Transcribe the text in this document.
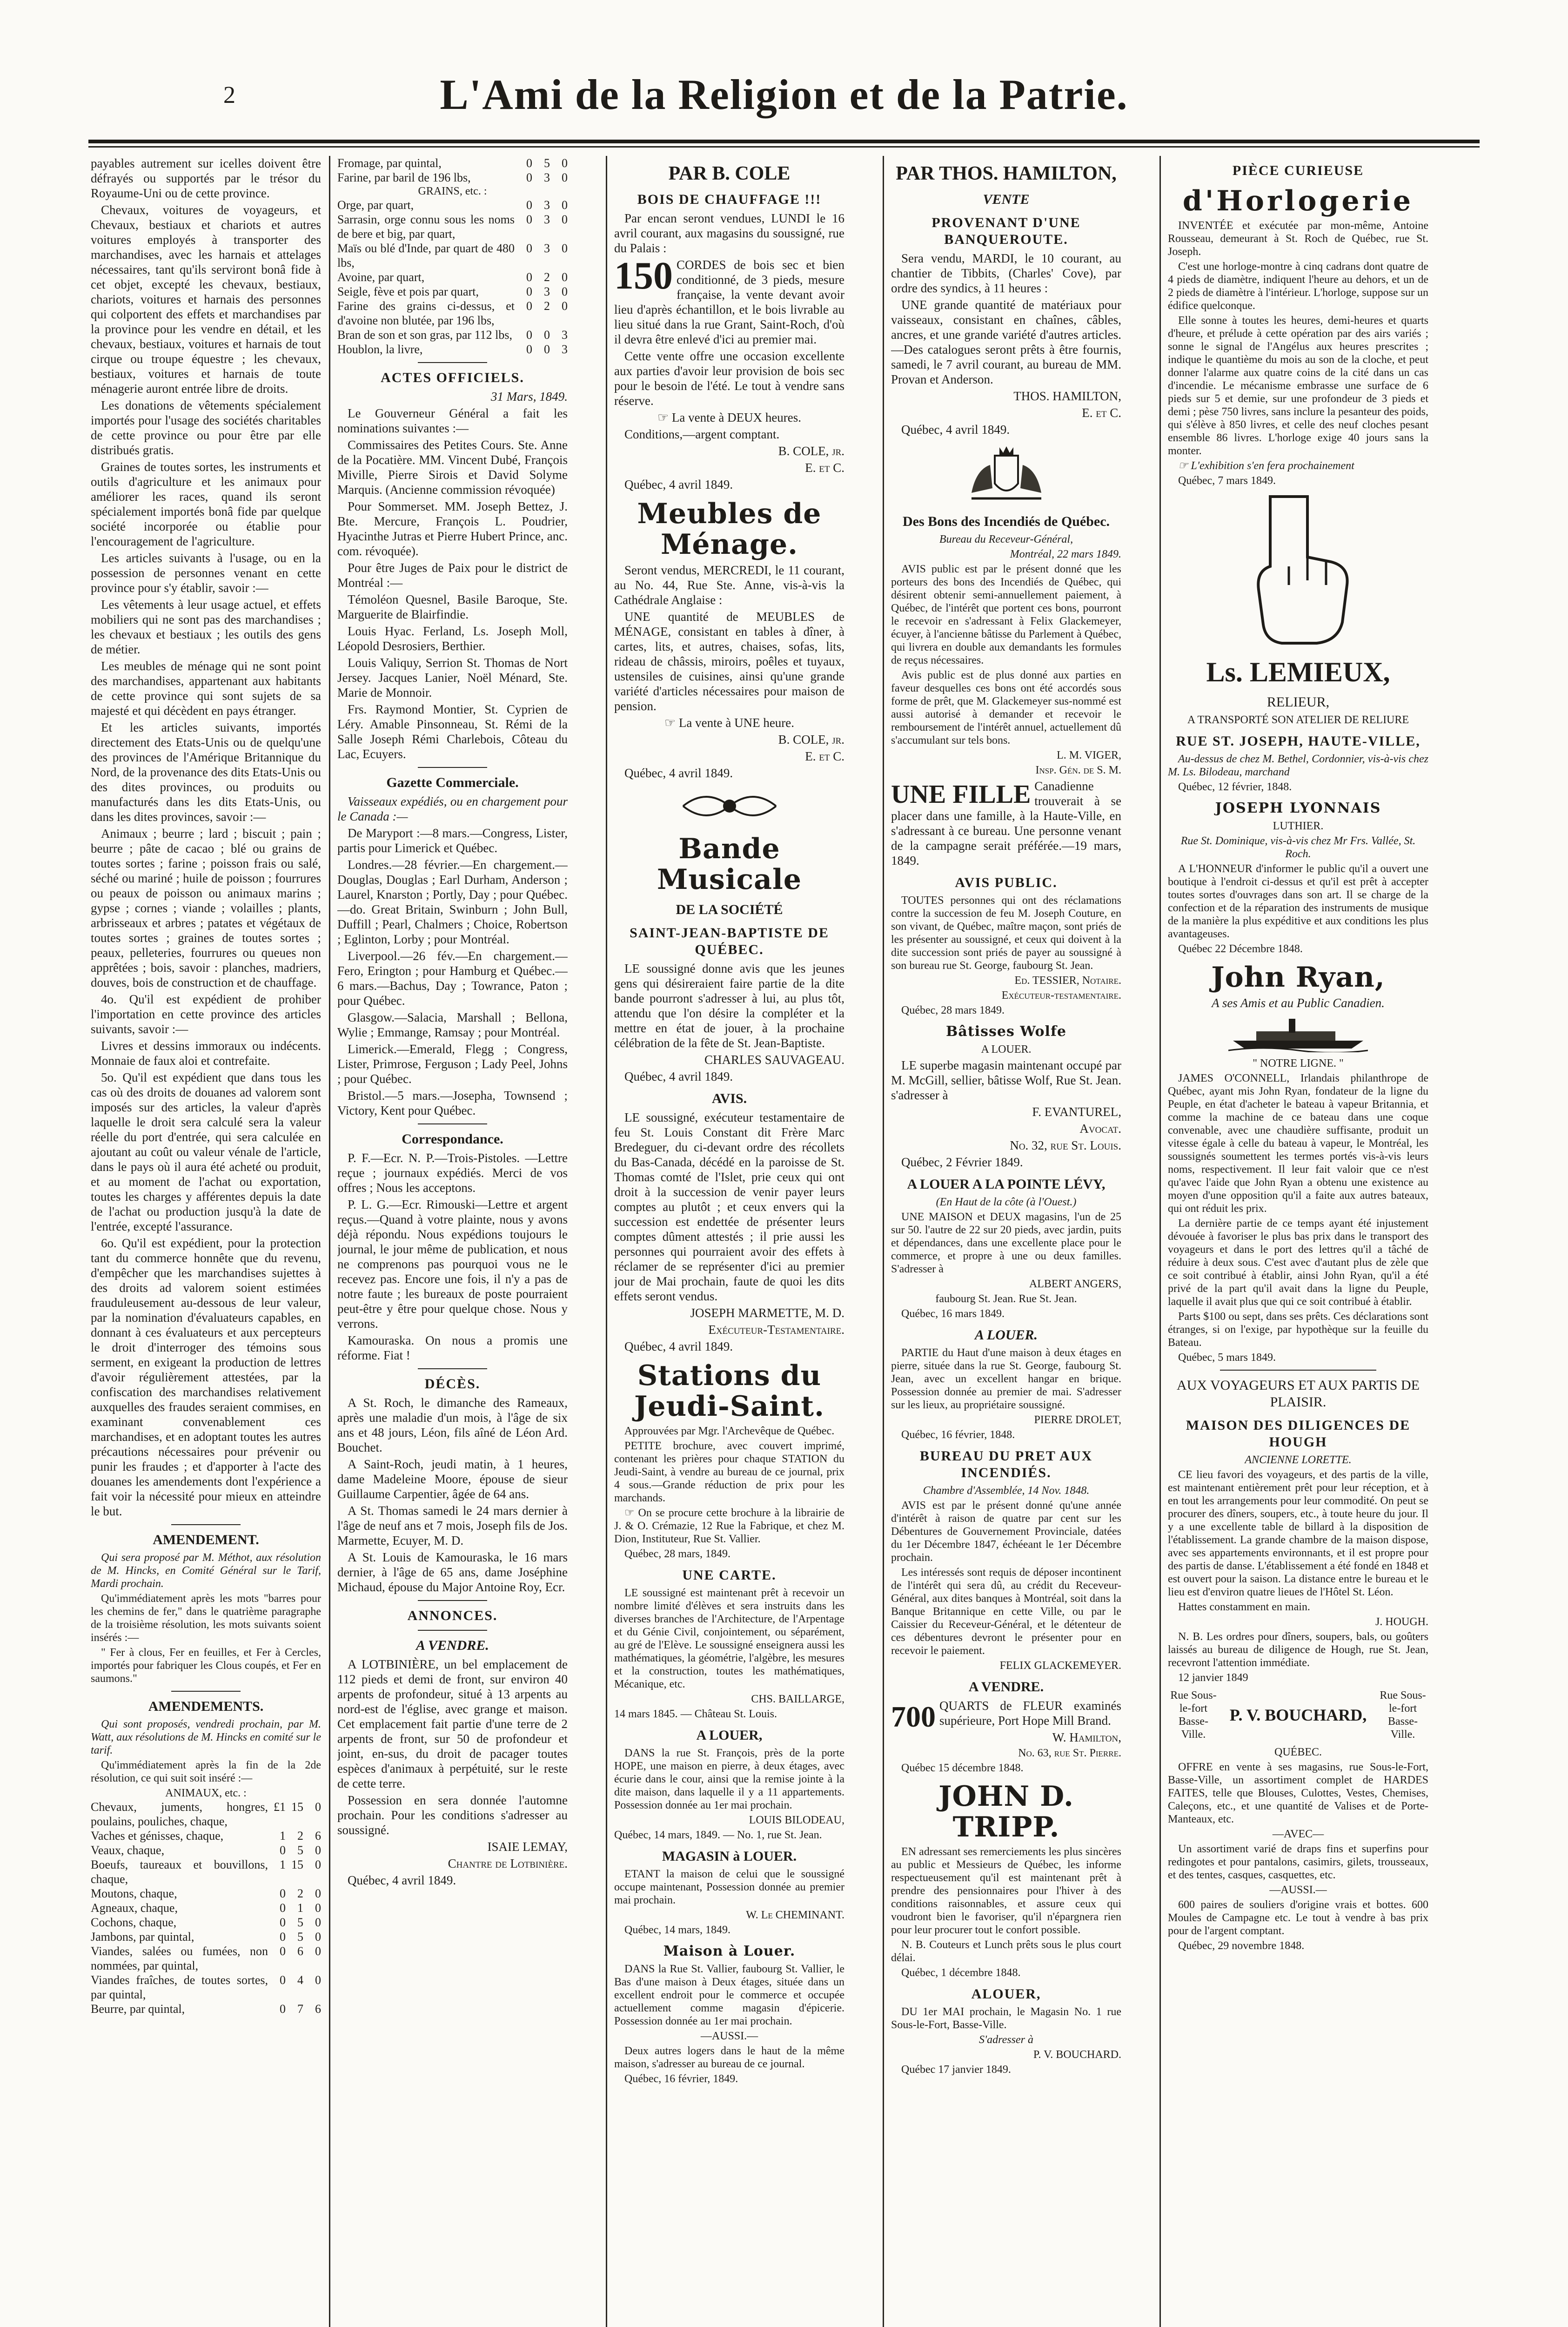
2	L'Ami de la Religion et de la Patrie.

payables autrement sur icelles doivent être défrayés ou supportés par le trésor du Royaume-Uni ou de cette province.

Chevaux, voitures de voyageurs, et Chevaux, bestiaux et chariots et autres voitures employés à transporter des marchandises, avec les harnais et attelages nécessaires, tant qu'ils serviront bonâ fide à cet objet, excepté les chevaux, bestiaux, chariots, voitures et harnais des personnes qui colportent des effets et marchandises par la province pour les vendre en détail, et les chevaux, bestiaux, voitures et harnais de tout cirque ou troupe équestre ; les chevaux, bestiaux, voitures et harnais de toute ménagerie auront entrée libre de droits.

Les donations de vêtements spécialement importés pour l'usage des sociétés charitables de cette province ou pour être par elle distribués gratis.

Graines de toutes sortes, les instruments et outils d'agriculture et les animaux pour améliorer les races, quand ils seront spécialement importés bonâ fide par quelque société incorporée ou établie pour l'encouragement de l'agriculture.

Les articles suivants à l'usage, ou en la possession de personnes venant en cette province pour s'y établir, savoir :—

Les vêtements à leur usage actuel, et effets mobiliers qui ne sont pas des marchandises ; les chevaux et bestiaux ; les outils des gens de métier.

Les meubles de ménage qui ne sont point des marchandises, appartenant aux habitants de cette province qui sont sujets de sa majesté et qui décèdent en pays étranger.

Et les articles suivants, importés directement des Etats-Unis ou de quelqu'une des provinces de l'Amérique Britannique du Nord, de la provenance des dits Etats-Unis ou des dites provinces, ou produits ou manufacturés dans les dits Etats-Unis, ou dans les dites provinces, savoir :—

Animaux ; beurre ; lard ; biscuit ; pain ; beurre ; pâte de cacao ; blé ou grains de toutes sortes ; farine ; poisson frais ou salé, séché ou mariné ; huile de poisson ; fourrures ou peaux de poisson ou animaux marins ; gypse ; cornes ; viande ; volailles ; plants, arbrisseaux et arbres ; patates et végétaux de toutes sortes ; graines de toutes sortes ; peaux, pelleteries, fourrures ou queues non apprêtées ; bois, savoir : planches, madriers, douves, bois de construction et de chauffage.

4o. Qu'il est expédient de prohiber l'importation en cette province des articles suivants, savoir :—

Livres et dessins immoraux ou indécents. Monnaie de faux aloi et contrefaite.

5o. Qu'il est expédient que dans tous les cas où des droits de douanes ad valorem sont imposés sur des articles, la valeur d'après laquelle le droit sera calculé sera la valeur réelle du port d'entrée, qui sera calculée en ajoutant au coût ou valeur vénale de l'article, dans le pays où il aura été acheté ou produit, et au moment de l'achat ou exportation, toutes les charges y afférentes depuis la date de l'achat ou production jusqu'à la date de l'entrée, excepté l'assurance.

6o. Qu'il est expédient, pour la protection tant du commerce honnête que du revenu, d'empêcher que les marchandises sujettes à des droits ad valorem soient estimées frauduleusement au-dessous de leur valeur, par la nomination d'évaluateurs capables, en donnant à ces évaluateurs et aux percepteurs le droit d'interroger des témoins sous serment, en exigeant la production de lettres d'avoir régulièrement attestées, par la confiscation des marchandises relativement auxquelles des fraudes seraient commises, en examinant convenablement ces marchandises, et en adoptant toutes les autres précautions nécessaires pour prévenir ou punir les fraudes ; et d'apporter à l'acte des douanes les amendements dont l'expérience a fait voir la nécessité pour mieux en atteindre le but.

AMENDEMENT.

Qui sera proposé par M. Méthot, aux résolution de M. Hincks, en Comité Général sur le Tarif, Mardi prochain.

Qu'immédiatement après les mots "barres pour les chemins de fer," dans le quatrième paragraphe de la troisième résolution, les mots suivants soient insérés :—

" Fer à clous, Fer en feuilles, et Fer à Cercles, importés pour fabriquer les Clous coupés, et Fer en saumons."

AMENDEMENTS.

Qui sont proposés, vendredi prochain, par M. Watt, aux résolutions de M. Hincks en comité sur le tarif.

Qu'immédiatement après la fin de la 2de résolution, ce qui suit soit inséré :—

ANIMAUX, etc. :
Chevaux, juments, hongres, poulains, pouliches, chaque,	£1	15	0
Vaches et génisses, chaque,	1	2	6
Veaux, chaque,	0	5	0
Boeufs, taureaux et bouvillons, chaque,	1	15	0
Moutons, chaque,	0	2	0
Agneaux, chaque,	0	1	0
Cochons, chaque,	0	5	0
Jambons, par quintal,	0	5	0
Viandes, salées ou fumées, non nommées, par quintal,	0	6	0
Viandes fraîches, de toutes sortes, par quintal,	0	4	0
Beurre, par quintal,	0	7	6
Fromage, par quintal,	0	5	0
Farine, par baril de 196 lbs,	0	3	0
GRAINS, etc. :
Orge, par quart,	0	3	0
Sarrasin, orge connu sous les noms de bere et big, par quart,	0	3	0
Maïs ou blé d'Inde, par quart de 480 lbs,	0	3	0
Avoine, par quart,	0	2	0
Seigle, fève et pois par quart,	0	3	0
Farine des grains ci-dessus, et d'avoine non blutée, par 196 lbs,	0	2	0
Bran de son et son gras, par 112 lbs,	0	0	3
Houblon, la livre,	0	0	3
ACTES OFFICIELS.

31 Mars, 1849.

Le Gouverneur Général a fait les nominations suivantes :—

Commissaires des Petites Cours. Ste. Anne de la Pocatière. MM. Vincent Dubé, François Miville, Pierre Sirois et David Solyme Marquis. (Ancienne commission révoquée)

Pour Sommerset. MM. Joseph Bettez, J. Bte. Mercure, François L. Poudrier, Hyacinthe Jutras et Pierre Hubert Prince, anc. com. révoquée).

Pour être Juges de Paix pour le district de Montréal :—

Témoléon Quesnel, Basile Baroque, Ste. Marguerite de Blairfindie.

Louis Hyac. Ferland, Ls. Joseph Moll, Léopold Desrosiers, Berthier.

Louis Valiquy, Serrion St. Thomas de Nort Jersey. Jacques Lanier, Noël Ménard, Ste. Marie de Monnoir.

Frs. Raymond Montier, St. Cyprien de Léry. Amable Pinsonneau, St. Rémi de la Salle Joseph Rémi Charlebois, Côteau du Lac, Ecuyers.

Gazette Commerciale.

Vaisseaux expédiés, ou en chargement pour le Canada :—

De Maryport :—8 mars.—Congress, Lister, partis pour Limerick et Québec.

Londres.—28 février.—En chargement.—Douglas, Douglas ; Earl Durham, Anderson ; Laurel, Knarston ; Portly, Day ; pour Québec.—do. Great Britain, Swinburn ; John Bull, Duffill ; Pearl, Chalmers ; Choice, Robertson ; Eglinton, Lorby ; pour Montréal.

Liverpool.—26 fév.—En chargement.—Fero, Erington ; pour Hamburg et Québec.—6 mars.—Bachus, Day ; Towrance, Paton ; pour Québec.

Glasgow.—Salacia, Marshall ; Bellona, Wylie ; Emmange, Ramsay ; pour Montréal.

Limerick.—Emerald, Flegg ; Congress, Lister, Primrose, Ferguson ; Lady Peel, Johns ; pour Québec.

Bristol.—5 mars.—Josepha, Townsend ; Victory, Kent pour Québec.

Correspondance.

P. F.—Ecr. N. P.—Trois-Pistoles. —Lettre reçue ; journaux expédiés. Merci de vos offres ; Nous les acceptons.

P. L. G.—Ecr. Rimouski—Lettre et argent reçus.—Quand à votre plainte, nous y avons déjà répondu. Nous expédions toujours le journal, le jour même de publication, et nous ne comprenons pas pourquoi vous ne le recevez pas. Encore une fois, il n'y a pas de notre faute ; les bureaux de poste pourraient peut-être y être pour quelque chose. Nous y verrons.

Kamouraska. On nous a promis une réforme. Fiat !

DÉCÈS.

A St. Roch, le dimanche des Rameaux, après une maladie d'un mois, à l'âge de six ans et 48 jours, Léon, fils aîné de Léon Ard. Bouchet.

A Saint-Roch, jeudi matin, à 1 heures, dame Madeleine Moore, épouse de sieur Guillaume Carpentier, âgée de 64 ans.

A St. Thomas samedi le 24 mars dernier à l'âge de neuf ans et 7 mois, Joseph fils de Jos. Marmette, Ecuyer, M. D.

A St. Louis de Kamouraska, le 16 mars dernier, à l'âge de 65 ans, dame Joséphine Michaud, épouse du Major Antoine Roy, Ecr.

ANNONCES.
A VENDRE.

A LOTBINIÈRE, un bel emplacement de 112 pieds et demi de front, sur environ 40 arpents de profondeur, situé à 13 arpents au nord-est de l'église, avec grange et maison. Cet emplacement fait partie d'une terre de 2 arpents de front, sur 50 de profondeur et joint, en-sus, du droit de pacager toutes espèces d'animaux à perpétuité, sur le reste de cette terre.

Possession en sera donnée l'automne prochain. Pour les conditions s'adresser au soussigné.

ISAIE LEMAY,

Chantre de Lotbinière.

Québec, 4 avril 1849.

PAR B. COLE
BOIS DE CHAUFFAGE !!!

Par encan seront vendues, LUNDI le 16 avril courant, aux magasins du soussigné, rue du Palais :

150 CORDES de bois sec et bien conditionné, de 3 pieds, mesure française, la vente devant avoir lieu d'après échantillon, et le bois livrable au lieu situé dans la rue Grant, Saint-Roch, d'où il devra être enlevé d'ici au premier mai.

Cette vente offre une occasion excellente aux parties d'avoir leur provision de bois sec pour le besoin de l'été. Le tout à vendre sans réserve.

☞ La vente à DEUX heures.

Conditions,—argent comptant.

B. COLE, jr.

E. et C.

Québec, 4 avril 1849.

Meubles de Ménage.

Seront vendus, MERCREDI, le 11 courant, au No. 44, Rue Ste. Anne, vis-à-vis la Cathédrale Anglaise :

UNE quantité de MEUBLES de MÉNAGE, consistant en tables à dîner, à cartes, lits, et autres, chaises, sofas, lits, rideau de châssis, miroirs, poêles et tuyaux, ustensiles de cuisines, ainsi qu'une grande variété d'articles nécessaires pour maison de pension.

☞ La vente à UNE heure.

B. COLE, jr.

E. et C.

Québec, 4 avril 1849.

Bande Musicale
DE LA SOCIÉTÉ
SAINT-JEAN-BAPTISTE DE QUÉBEC.

LE soussigné donne avis que les jeunes gens qui désireraient faire partie de la dite bande pourront s'adresser à lui, au plus tôt, attendu que l'on désire la compléter et la mettre en état de jouer, à la prochaine célébration de la fête de St. Jean-Baptiste.

CHARLES SAUVAGEAU.

Québec, 4 avril 1849.

AVIS.

LE soussigné, exécuteur testamentaire de feu St. Louis Constant dit Frère Marc Bredeguer, du ci-devant ordre des récollets du Bas-Canada, décédé en la paroisse de St. Thomas comté de l'Islet, prie ceux qui ont droit à la succession de venir payer leurs comptes au plutôt ; et ceux envers qui la succession est endettée de présenter leurs comptes dûment attestés ; il prie aussi les personnes qui pourraient avoir des effets à réclamer de se représenter d'ici au premier jour de Mai prochain, faute de quoi les dits effets seront vendus.

JOSEPH MARMETTE, M. D.

Exécuteur-Testamentaire.

Québec, 4 avril 1849.

Stations du Jeudi-Saint.

Approuvées par Mgr. l'Archevêque de Québec.

PETITE brochure, avec couvert imprimé, contenant les prières pour chaque STATION du Jeudi-Saint, à vendre au bureau de ce journal, prix 4 sous.—Grande réduction de prix pour les marchands.

☞ On se procure cette brochure à la librairie de J. & O. Crémazie, 12 Rue la Fabrique, et chez M. Dion, Instituteur, Rue St. Vallier.

Québec, 28 mars, 1849.

UNE CARTE.

LE soussigné est maintenant prêt à recevoir un nombre limité d'élèves et sera instruits dans les diverses branches de l'Architecture, de l'Arpentage et du Génie Civil, conjointement, ou séparément, au gré de l'Elève. Le soussigné enseignera aussi les mathématiques, la géométrie, l'algèbre, les mesures et la construction, toutes les mathématiques, Mécanique, etc.

CHS. BAILLARGE,

14 mars 1845. — Château St. Louis.

A LOUER,

DANS la rue St. François, près de la porte HOPE, une maison en pierre, à deux étages, avec écurie dans le cour, ainsi que la remise jointe à la dite maison, dans laquelle il y a 11 appartements. Possession donnée au 1er mai prochain.

LOUIS BILODEAU,

Québec, 14 mars, 1849. — No. 1, rue St. Jean.

MAGASIN à LOUER.

ETANT la maison de celui que le soussigné occupe maintenant, Possession donnée au premier mai prochain.

W. Le CHEMINANT.

Québec, 14 mars, 1849.

Maison à Louer.

DANS la Rue St. Vallier, faubourg St. Vallier, le Bas d'une maison à Deux étages, située dans un excellent endroit pour le commerce et occupée actuellement comme magasin d'épicerie. Possession donnée au 1er mai prochain.

—AUSSI.—

Deux autres logers dans le haut de la même maison, s'adresser au bureau de ce journal.

Québec, 16 février, 1849.

PAR THOS. HAMILTON,
VENTE
PROVENANT D'UNE BANQUEROUTE.

Sera vendu, MARDI, le 10 courant, au chantier de Tibbits, (Charles' Cove), par ordre des syndics, à 11 heures :

UNE grande quantité de matériaux pour vaisseaux, consistant en chaînes, câbles, ancres, et une grande variété d'autres articles.—Des catalogues seront prêts à être fournis, samedi, le 7 avril courant, au bureau de MM. Provan et Anderson.

THOS. HAMILTON,

E. et C.

Québec, 4 avril 1849.

Des Bons des Incendiés de Québec.

Bureau du Receveur-Général,

Montréal, 22 mars 1849.

AVIS public est par le présent donné que les porteurs des bons des Incendiés de Québec, qui désirent obtenir semi-annuellement paiement, à Québec, de l'intérêt que portent ces bons, pourront le recevoir en s'adressant à Felix Glackemeyer, écuyer, à l'ancienne bâtisse du Parlement à Québec, qui livrera en double aux demandants les formules de reçus nécessaires.

Avis public est de plus donné aux parties en faveur desquelles ces bons ont été accordés sous forme de prêt, que M. Glackemeyer sus-nommé est aussi autorisé à demander et recevoir le remboursement de l'intérêt annuel, actuellement dû s'accumulant sur tels bons.

L. M. VIGER,

Insp. Gén. de S. M.

UNE FILLE Canadienne trouverait à se placer dans une famille, à la Haute-Ville, en s'adressant à ce bureau. Une personne venant de la campagne serait préférée.—19 mars, 1849.

AVIS PUBLIC.

TOUTES personnes qui ont des réclamations contre la succession de feu M. Joseph Couture, en son vivant, de Québec, maître maçon, sont priés de les présenter au soussigné, et ceux qui doivent à la dite succession sont priés de payer au soussigné à son bureau rue St. George, faubourg St. Jean.

Ed. TESSIER, Notaire.

Exécuteur-testamentaire.

Québec, 28 mars 1849.

Bâtisses Wolfe

A LOUER.

LE superbe magasin maintenant occupé par M. McGill, sellier, bâtisse Wolf, Rue St. Jean. s'adresser à

F. EVANTUREL,

Avocat.

No. 32, rue St. Louis.

Québec, 2 Février 1849.

A LOUER A LA POINTE LÉVY,

(En Haut de la côte (à l'Ouest.)

UNE MAISON et DEUX magasins, l'un de 25 sur 50. l'autre de 22 sur 20 pieds, avec jardin, puits et dépendances, dans une excellente place pour le commerce, et propre à une ou deux familles. S'adresser à

ALBERT ANGERS,

faubourg St. Jean. Rue St. Jean.

Québec, 16 mars 1849.

A LOUER.

PARTIE du Haut d'une maison à deux étages en pierre, située dans la rue St. George, faubourg St. Jean, avec un excellent hangar en brique. Possession donnée au premier de mai. S'adresser sur les lieux, au propriétaire soussigné.

PIERRE DROLET,

Québec, 16 février, 1848.

BUREAU DU PRET AUX INCENDIÉS.

Chambre d'Assemblée, 14 Nov. 1848.

AVIS est par le présent donné qu'une année d'intérêt à raison de quatre par cent sur les Débentures de Gouvernement Provinciale, datées du 1er Décembre 1847, échéeant le 1er Décembre prochain.

Les intéressés sont requis de déposer incontinent de l'intérêt qui sera dû, au crédit du Receveur-Général, aux dites banques à Montréal, soit dans la Banque Britannique en cette Ville, ou par le Caissier du Receveur-Général, et le détenteur de ces débentures devront le présenter pour en recevoir le paiement.

FELIX GLACKEMEYER.

A VENDRE.

700 QUARTS de FLEUR examinés supérieure, Port Hope Mill Brand.

W. Hamilton,

No. 63, rue St. Pierre.

Québec 15 décembre 1848.

JOHN D. TRIPP.

EN adressant ses remerciements les plus sincères au public et Messieurs de Québec, les informe respectueusement qu'il est maintenant prêt à prendre des pensionnaires pour l'hiver à des conditions raisonnables, et assure ceux qui voudront bien le favoriser, qu'il n'épargnera rien pour leur procurer tout le confort possible.

N. B. Couteurs et Lunch prêts sous le plus court délai.

Québec, 1 décembre 1848.

ALOUER,

DU 1er MAI prochain, le Magasin No. 1 rue Sous-le-Fort, Basse-Ville.

S'adresser à

P. V. BOUCHARD.

Québec 17 janvier 1849.

PIÈCE CURIEUSE
d'Horlogerie

INVENTÉE et exécutée par mon-même, Antoine Rousseau, demeurant à St. Roch de Québec, rue St. Joseph.

C'est une horloge-montre à cinq cadrans dont quatre de 4 pieds de diamètre, indiquent l'heure au dehors, et un de 2 pieds de diamètre à l'intérieur. L'horloge, suppose sur un édifice quelconque.

Elle sonne à toutes les heures, demi-heures et quarts d'heure, et prélude à cette opération par des airs variés ; sonne le signal de l'Angélus aux heures prescrites ; indique le quantième du mois au son de la cloche, et peut donner l'alarme aux quatre coins de la cité dans un cas d'incendie. Le mécanisme embrasse une surface de 6 pieds sur 5 et demie, sur une profondeur de 3 pieds et demi ; pèse 750 livres, sans inclure la pesanteur des poids, qui s'élève à 850 livres, et celle des neuf cloches pesant ensemble 86 livres. L'horloge exige 40 jours sans la monter.

☞ L'exhibition s'en fera prochainement

Québec, 7 mars 1849.

Ls. LEMIEUX,
RELIEUR,

A TRANSPORTÉ SON ATELIER DE RELIURE

RUE ST. JOSEPH, HAUTE-VILLE,

Au-dessus de chez M. Bethel, Cordonnier, vis-à-vis chez M. Ls. Bilodeau, marchand

Québec, 12 février, 1848.

JOSEPH LYONNAIS

LUTHIER.

Rue St. Dominique, vis-à-vis chez Mr Frs. Vallée, St. Roch.

A L'HONNEUR d'informer le public qu'il a ouvert une boutique à l'endroit ci-dessus et qu'il est prêt à accepter toutes sortes d'ouvrages dans son art. Il se charge de la confection et de la réparation des instruments de musique de la manière la plus expéditive et aux conditions les plus avantageuses.

Québec 22 Décembre 1848.

John Ryan,

A ses Amis et au Public Canadien.

" NOTRE LIGNE. "

JAMES O'CONNELL, Irlandais philanthrope de Québec, ayant mis John Ryan, fondateur de la ligne du Peuple, en état d'acheter le bateau à vapeur Britannia, et comme la machine de ce bateau dans une coque convenable, avec une chaudière suffisante, produit un vitesse égale à celle du bateau à vapeur, le Montréal, les soussignés soumettent les termes portés vis-à-vis leurs noms, respectivement. Il leur fait valoir que ce n'est qu'avec l'aide que John Ryan a obtenu une existence au moyen d'une opposition qu'il a faite aux autres bateaux, qui ont réduit les prix.

La dernière partie de ce temps ayant été injustement dévouée à favoriser le plus bas prix dans le transport des voyageurs et dans le port des lettres qu'il a tâché de réduire à deux sous. C'est avec d'autant plus de zèle que ce soit contribué à établir, ainsi John Ryan, qu'il a été privé de la part qu'il avait dans la ligne du Peuple, laquelle il avait plus que qui ce soit contribué à établir.

Parts $100 ou sept, dans ses prêts. Ces déclarations sont étranges, si on l'exige, par hypothèque sur la feuille du Bateau.

Québec, 5 mars 1849.

AUX VOYAGEURS ET AUX PARTIS DE PLAISIR.
MAISON DES DILIGENCES DE HOUGH

ANCIENNE LORETTE.

CE lieu favori des voyageurs, et des partis de la ville, est maintenant entièrement prêt pour leur réception, et à en tout les arrangements pour leur commodité. On peut se procurer des dîners, soupers, etc., à toute heure du jour. Il y a une excellente table de billard à la disposition de l'établissement. La grande chambre de la maison dispose, avec ses appartements environnants, et il est propre pour des partis de danse. L'établissement a été fondé en 1848 et est ouvert pour la saison. La distance entre le bureau et le lieu est d'environ quatre lieues de l'Hôtel St. Léon.

Hattes constamment en main.

J. HOUGH.

N. B. Les ordres pour dîners, soupers, bals, ou goûters laissés au bureau de diligence de Hough, rue St. Jean, recevront l'attention immédiate.

12 janvier 1849

Rue Sous-le-fort Basse-Ville.
P. V. BOUCHARD,
Rue Sous-le-fort Basse-Ville.

QUÉBEC.

OFFRE en vente à ses magasins, rue Sous-le-Fort, Basse-Ville, un assortiment complet de HARDES FAITES, telle que Blouses, Culottes, Vestes, Chemises, Caleçons, etc., et une quantité de Valises et de Porte-Manteaux, etc.

—AVEC—

Un assortiment varié de draps fins et superfins pour redingotes et pour pantalons, casimirs, gilets, trousseaux, et des tentes, casques, casquettes, etc.

—AUSSI.—

600 paires de souliers d'origine vrais et bottes. 600 Moules de Campagne etc. Le tout à vendre à bas prix pour de l'argent comptant.

Québec, 29 novembre 1848.
